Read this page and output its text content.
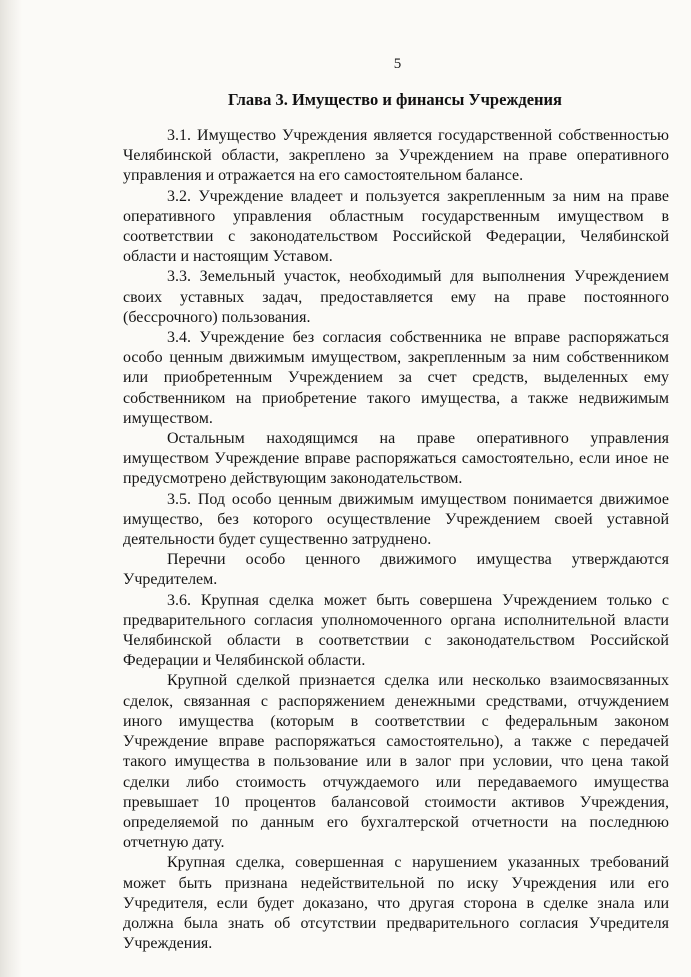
5
Глава 3. Имущество и финансы Учреждения

3.1. Имущество Учреждения является государственной собственностью Челябинской области, закреплено за Учреждением на праве оперативного управления и отражается на его самостоятельном балансе.

3.2. Учреждение владеет и пользуется закрепленным за ним на праве оперативного управления областным государственным имуществом в соответствии с законодательством Российской Федерации, Челябинской области и настоящим Уставом.

3.3. Земельный участок, необходимый для выполнения Учреждением своих уставных задач, предоставляется ему на праве постоянного (бессрочного) пользования.

3.4. Учреждение без согласия собственника не вправе распоряжаться особо ценным движимым имуществом, закрепленным за ним собственником или приобретенным Учреждением за счет средств, выделенных ему собственником на приобретение такого имущества, а также недвижимым имуществом.

Остальным находящимся на праве оперативного управления имуществом Учреждение вправе распоряжаться самостоятельно, если иное не предусмотрено действующим законодательством.

3.5. Под особо ценным движимым имуществом понимается движимое имущество, без которого осуществление Учреждением своей уставной деятельности будет существенно затруднено.

Перечни особо ценного движимого имущества утверждаются Учредителем.

3.6. Крупная сделка может быть совершена Учреждением только с предварительного согласия уполномоченного органа исполнительной власти Челябинской области в соответствии с законодательством Российской Федерации и Челябинской области.

Крупной сделкой признается сделка или несколько взаимосвязанных сделок, связанная с распоряжением денежными средствами, отчуждением иного имущества (которым в соответствии с федеральным законом Учреждение вправе распоряжаться самостоятельно), а также с передачей такого имущества в пользование или в залог при условии, что цена такой сделки либо стоимость отчуждаемого или передаваемого имущества превышает 10 процентов балансовой стоимости активов Учреждения, определяемой по данным его бухгалтерской отчетности на последнюю отчетную дату.

Крупная сделка, совершенная с нарушением указанных требований может быть признана недействительной по иску Учреждения или его Учредителя, если будет доказано, что другая сторона в сделке знала или должна была знать об отсутствии предварительного согласия Учредителя Учреждения.
